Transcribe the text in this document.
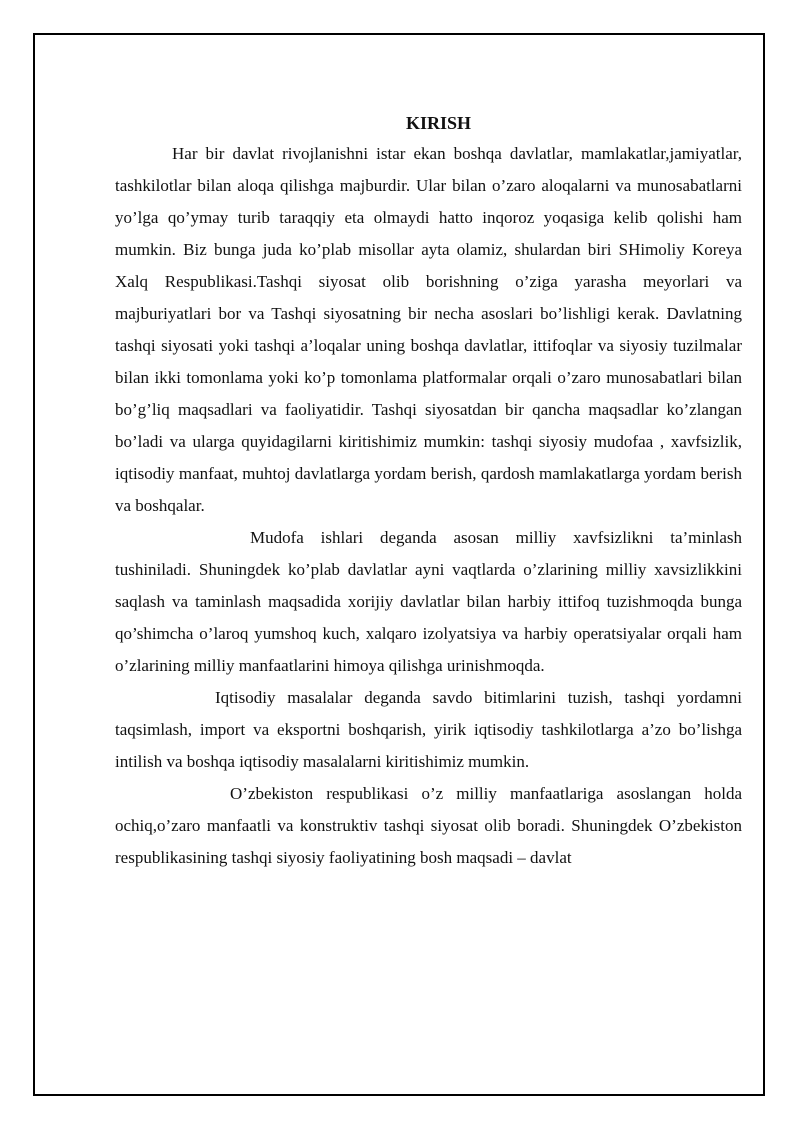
KIRISH

Har bir davlat rivojlanishni istar ekan boshqa davlatlar, mamlakatlar,jamiyatlar, tashkilotlar bilan aloqa qilishga majburdir. Ular bilan o’zaro aloqalarni va munosabatlarni yo’lga qo’ymay turib taraqqiy eta olmaydi hatto inqoroz yoqasiga kelib qolishi ham mumkin. Biz bunga juda ko’plab misollar ayta olamiz, shulardan biri SHimoliy Koreya Xalq Respublikasi.Tashqi siyosat olib borishning o’ziga yarasha meyorlari va majburiyatlari bor va Tashqi siyosatning bir necha asoslari bo’lishligi kerak. Davlatning tashqi siyosati yoki tashqi a’loqalar uning boshqa davlatlar, ittifoqlar va siyosiy tuzilmalar bilan ikki tomonlama yoki ko’p tomonlama platformalar orqali o’zaro munosabatlari bilan bo’g’liq maqsadlari va faoliyatidir. Tashqi siyosatdan bir qancha maqsadlar ko’zlangan bo’ladi va ularga quyidagilarni kiritishimiz mumkin: tashqi siyosiy mudofaa , xavfsizlik, iqtisodiy manfaat, muhtoj davlatlarga yordam berish, qardosh mamlakatlarga yordam berish va boshqalar.

Mudofa ishlari deganda asosan milliy xavfsizlikni ta’minlash tushiniladi. Shuningdek ko’plab davlatlar ayni vaqtlarda o’zlarining milliy xavsizlikkini saqlash va taminlash maqsadida xorijiy davlatlar bilan harbiy ittifoq tuzishmoqda bunga qo’shimcha o’laroq yumshoq kuch, xalqaro izolyatsiya va harbiy operatsiyalar orqali ham o’zlarining milliy manfaatlarini himoya qilishga urinishmoqda.

Iqtisodiy masalalar deganda savdo bitimlarini tuzish, tashqi yordamni taqsimlash, import va eksportni boshqarish, yirik iqtisodiy tashkilotlarga a’zo bo’lishga intilish va boshqa iqtisodiy masalalarni kiritishimiz mumkin.

O’zbekiston respublikasi o’z milliy manfaatlariga asoslangan holda ochiq,o’zaro manfaatli va konstruktiv tashqi siyosat olib boradi. Shuningdek O’zbekiston respublikasining tashqi siyosiy faoliyatining bosh maqsadi – davlat
